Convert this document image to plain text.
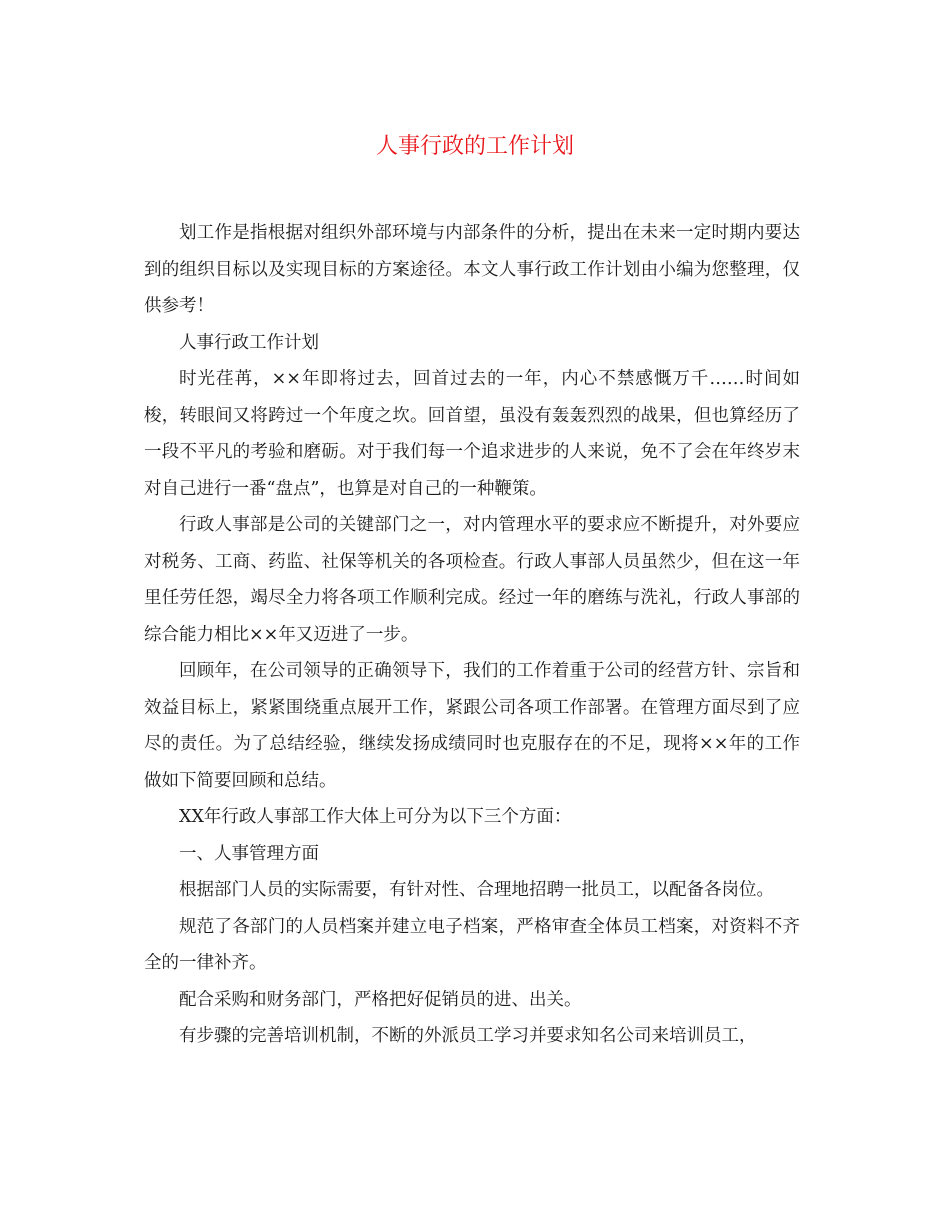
人事行政的工作计划

划工作是指根据对组织外部环境与内部条件的分析，提出在未来一定时期内要达到的组织目标以及实现目标的方案途径。本文人事行政工作计划由小编为您整理，仅供参考！

人事行政工作计划

时光荏苒，××年即将过去，回首过去的一年，内心不禁感慨万千……时间如梭，转眼间又将跨过一个年度之坎。回首望，虽没有轰轰烈烈的战果，但也算经历了一段不平凡的考验和磨砺。对于我们每一个追求进步的人来说，免不了会在年终岁末对自己进行一番“盘点”，也算是对自己的一种鞭策。

行政人事部是公司的关键部门之一，对内管理水平的要求应不断提升，对外要应对税务、工商、药监、社保等机关的各项检查。行政人事部人员虽然少，但在这一年里任劳任怨，竭尽全力将各项工作顺利完成。经过一年的磨练与洗礼，行政人事部的综合能力相比××年又迈进了一步。

回顾年，在公司领导的正确领导下，我们的工作着重于公司的经营方针、宗旨和效益目标上，紧紧围绕重点展开工作，紧跟公司各项工作部署。在管理方面尽到了应尽的责任。为了总结经验，继续发扬成绩同时也克服存在的不足，现将××年的工作做如下简要回顾和总结。

XX年行政人事部工作大体上可分为以下三个方面：

一、人事管理方面

根据部门人员的实际需要，有针对性、合理地招聘一批员工，以配备各岗位。

规范了各部门的人员档案并建立电子档案，严格审查全体员工档案，对资料不齐全的一律补齐。

配合采购和财务部门，严格把好促销员的进、出关。

有步骤的完善培训机制，不断的外派员工学习并要求知名公司来培训员工，
